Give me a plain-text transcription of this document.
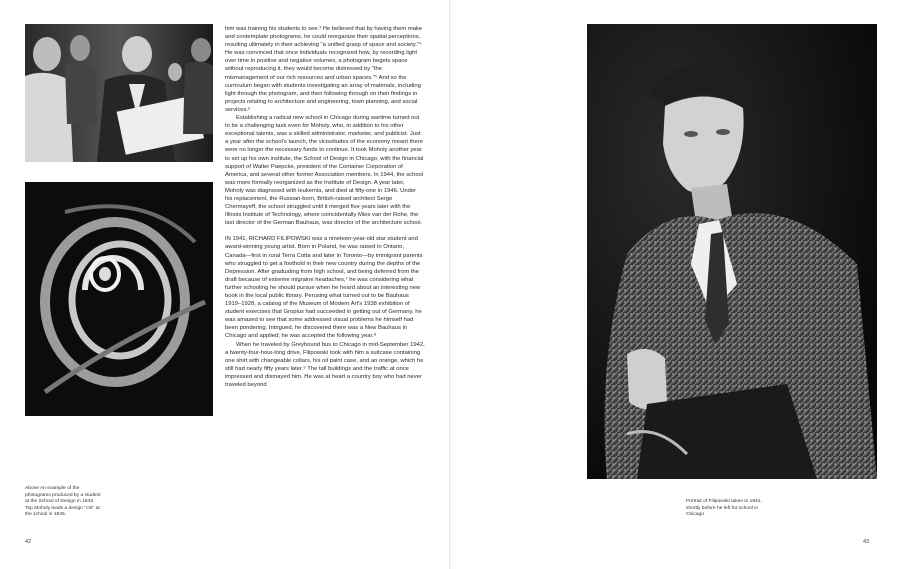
him was training his students to see.³ He believed that by having them make and contemplate photograms, he could reorganize their spatial perceptions, resulting ultimately in their achieving "a unified grasp of space and society."⁴ He was convinced that once individuals recognized how, by recording light over time in positive and negative volumes, a photogram begets space without reproducing it, they would become distressed by "the mismanagement of our rich resources and urban spaces."⁵ And so the curriculum began with students investigating an array of materials, including light through the photogram, and then following through on their findings in projects relating to architecture and engineering, town planning, and social services.⁶

Establishing a radical new school in Chicago during wartime turned out to be a challenging task even for Moholy, who, in addition to his other exceptional talents, was a skilled administrator, marketer, and publicist. Just a year after the school's launch, the vicissitudes of the economy meant there were no longer the necessary funds to continue. It took Moholy another year to set up his own institute, the School of Design in Chicago, with the financial support of Walter Paepcke, president of the Container Corporation of America, and several other former Association members. In 1944, the school was more formally reorganized as the Institute of Design. A year later, Moholy was diagnosed with leukemia, and died at fifty-one in 1946. Under his replacement, the Russian-born, British-raised architect Serge Chermayeff, the school struggled until it merged five years later with the Illinois Institute of Technology, where coincidentally Mies van der Rohe, the last director of the German Bauhaus, was director of the architecture school.

IN 1941, RICHARD FILIPOWSKI was a nineteen-year-old star student and award-winning young artist. Born in Poland, he was raised in Ontario, Canada—first in rural Terra Cotta and later in Toronto—by immigrant parents who struggled to get a foothold in their new country during the depths of the Depression. After graduating from high school, and being deferred from the draft because of extreme migraine headaches,⁷ he was considering what further schooling he should pursue when he heard about an interesting new book in the local public library. Perusing what turned out to be Bauhaus 1919–1928, a catalog of the Museum of Modern Art's 1938 exhibition of student exercises that Gropius had succeeded in getting out of Germany, he was amazed to see that some addressed visual problems he himself had been pondering. Intrigued, he discovered there was a New Bauhaus in Chicago and applied; he was accepted the following year.⁸

When he traveled by Greyhound bus to Chicago in mid-September 1942, a twenty-four-hour-long drive, Filipowski took with him a suitcase containing one shirt with changeable collars, his oil paint case, and an orange, which he still had nearly fifty years later.⁹ The tall buildings and the traffic at once impressed and dismayed him. He was at heart a country boy who had never traveled beyond

Above An example of the photograms produced by a student at the School of Design in 1943. Top Moholy leads a design "crit" at the school in 1946.
Portrait of Filipowski taken in 1942, shortly before he left for school in Chicago
42	43
